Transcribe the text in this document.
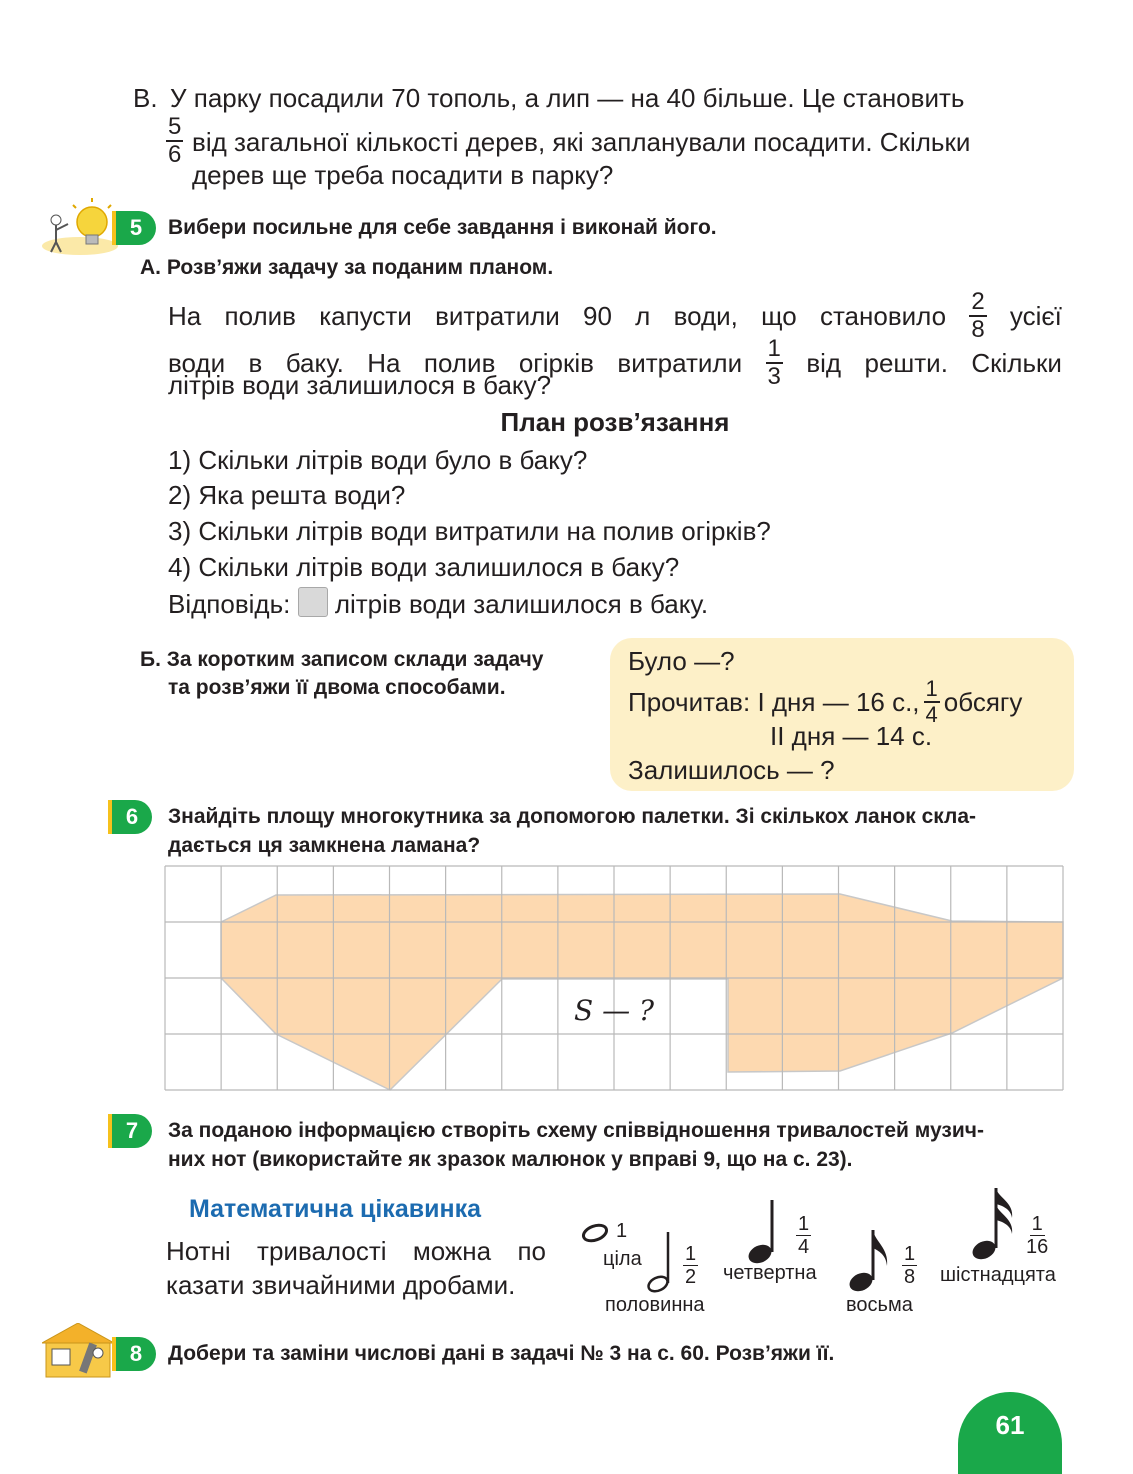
В. У парку посадили 70 тополь, а лип — на 40 більше. Це становить
$\frac{5}{6}$ від загальної кількості дерев, які запланували посадити. Скільки
дерев ще треба посадити в парку?
5	Вибери посильне для себе завдання і виконай його.
А. Розв’яжи задачу за поданим планом.
На полив капусти витратили 90 л води, що становило $\frac{2}{8}$ усієї
води в баку. На полив огірків витратили $\frac{1}{3}$ від решти. Скільки
літрів води залишилося в баку?
План розв’язання
1) Скільки літрів води було в баку?
2) Яка решта води?
3) Скільки літрів води витратили на полив огірків?
4) Скільки літрів води залишилося в баку?
Відповідь: літрів води залишилося в баку.
Б. За коротким записом склади задачу
та розв’яжи її двома способами.
Було —?
Прочитав: I дня — 16 с., $\frac{1}{4}$ обсягу
II дня — 14 с.
Залишилось — ?
6	Знайдіть площу многокутника за допомогою палетки. Зі скількох ланок скла-
дається ця замкнена ламана?
S — ?
7	За поданою інформацією створіть схему співвідношення тривалостей музич-
них нот (використайте як зразок малюнок у вправі 9, що на с. 23).
Математична цікавинка
Нотні тривалості можна по
казати звичайними дробами.
1
ціла $\frac{1}{2}$
половинна
$\frac{1}{4}$
четвертна	$\frac{1}{8}$
восьма
$\frac{1}{16}$
шістнадцята
8	Добери та заміни числові дані в задачі № 3 на с. 60. Розв’яжи її.
61
